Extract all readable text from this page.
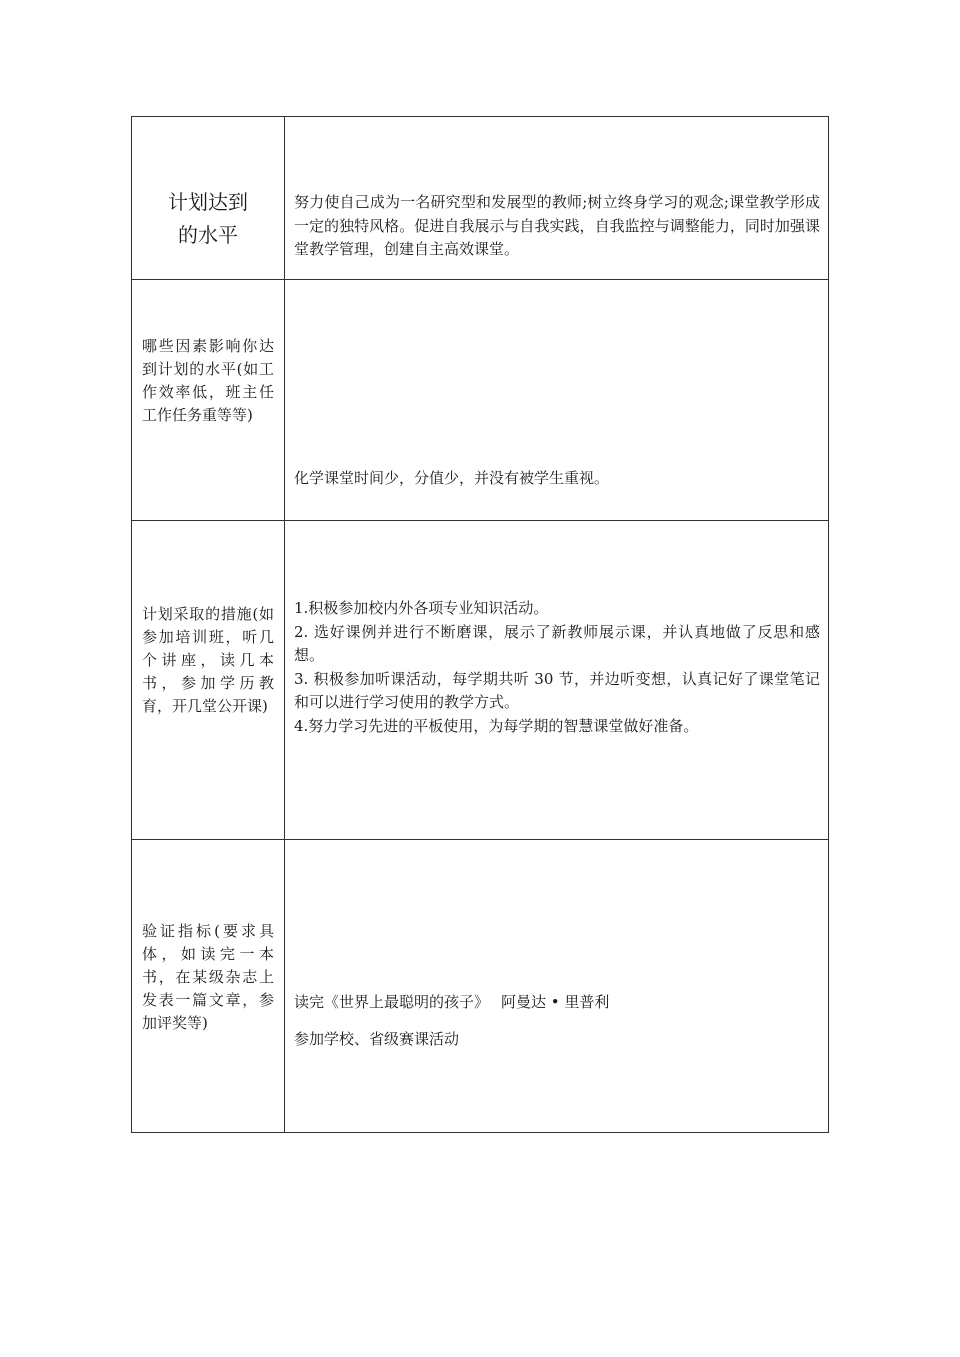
计划达到
的水平	努力使自己成为一名研究型和发展型的教师;树立终身学习的观念;课堂教学形成一定的独特风格。促进自我展示与自我实践，自我监控与调整能力，同时加强课堂教学管理，创建自主高效课堂。

哪些因素影响你达到计划的水平(如工作效率低，班主任工作任务重等等)	化学课堂时间少，分值少，并没有被学生重视。

计划采取的措施(如参加培训班，听几个讲座，读几本书，参加学历教育，开几堂公开课)	1.积极参加校内外各项专业知识活动。

2. 选好课例并进行不断磨课，展示了新教师展示课，并认真地做了反思和感想。

3. 积极参加听课活动，每学期共听 30 节，并边听变想，认真记好了课堂笔记和可以进行学习使用的教学方式。

4.努力学习先进的平板使用，为每学期的智慧课堂做好准备。

验证指标(要求具体，如读完一本书，在某级杂志上发表一篇文章，参加评奖等)	读完《世界上最聪明的孩子》 阿曼达 • 里普利
参加学校、省级赛课活动
